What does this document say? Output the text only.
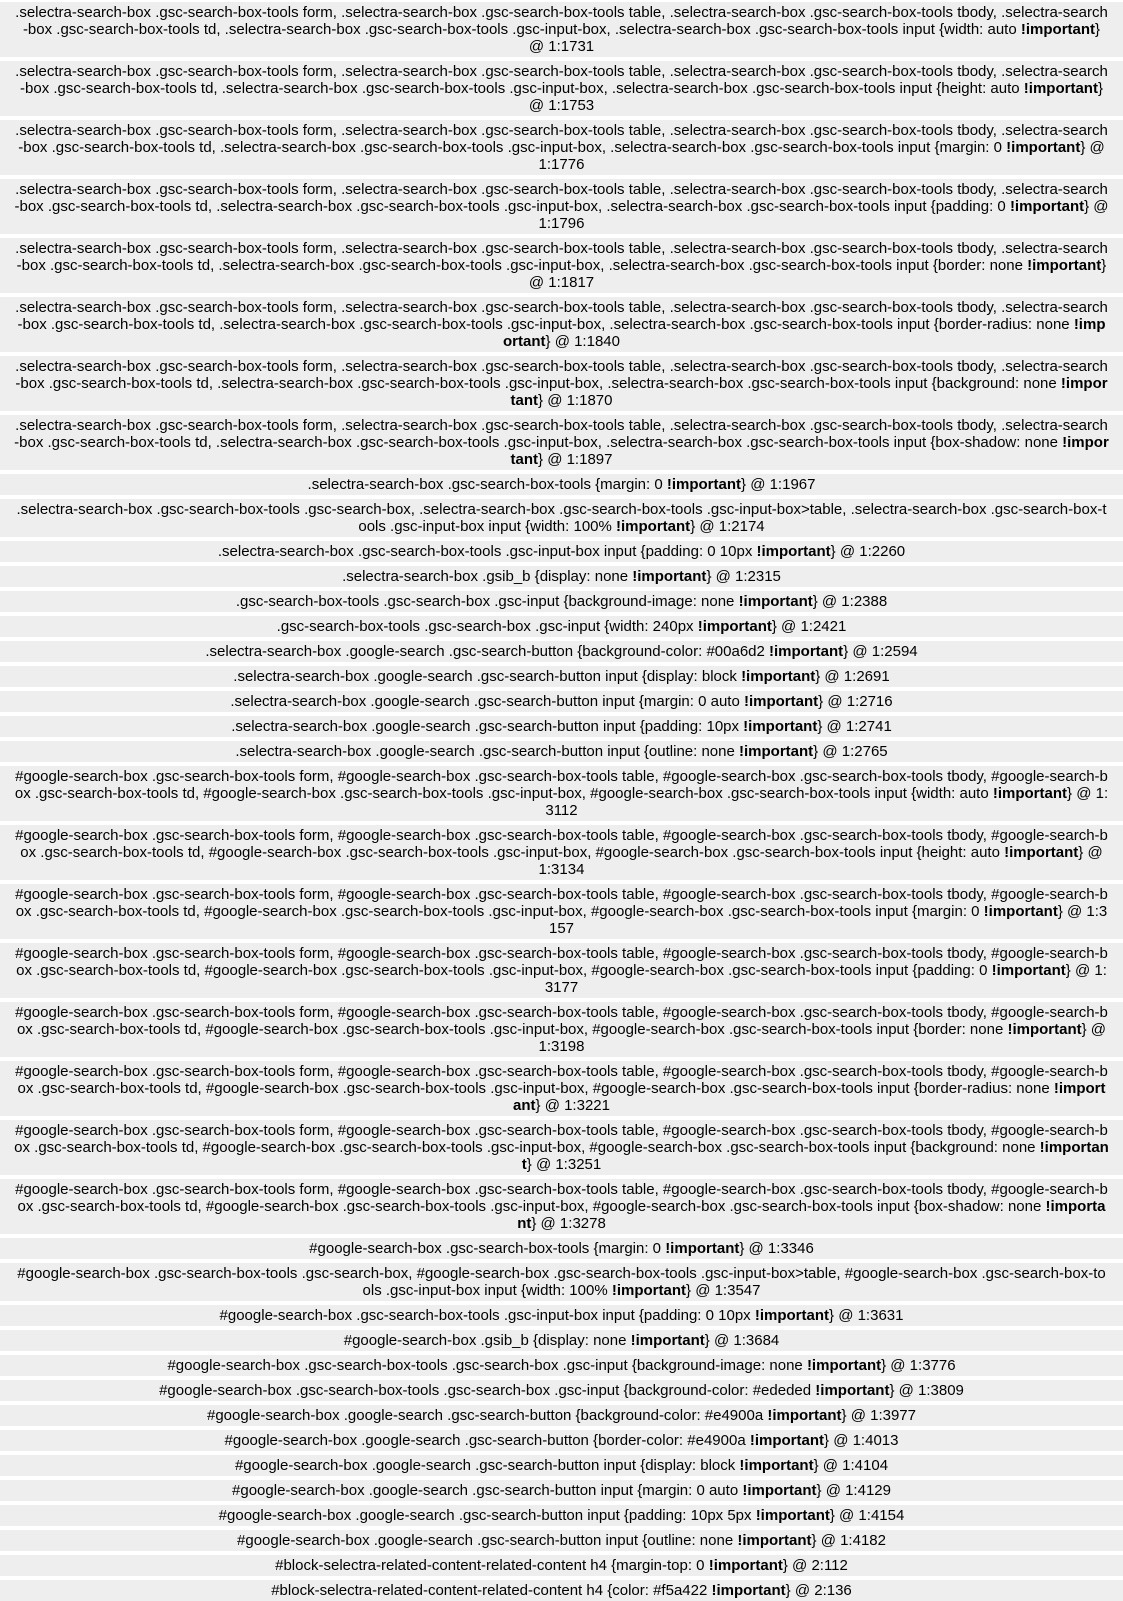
.selectra-search-box .gsc-search-box-tools form, .selectra-search-box .gsc-search-box-tools table, .selectra-search-box .gsc-search-box-tools tbody, .selectra-search-box .gsc-search-box-tools td, .selectra-search-box .gsc-search-box-tools .gsc-input-box, .selectra-search-box .gsc-search-box-tools input {width: auto !important} @ 1:1731
.selectra-search-box .gsc-search-box-tools form, .selectra-search-box .gsc-search-box-tools table, .selectra-search-box .gsc-search-box-tools tbody, .selectra-search-box .gsc-search-box-tools td, .selectra-search-box .gsc-search-box-tools .gsc-input-box, .selectra-search-box .gsc-search-box-tools input {height: auto !important} @ 1:1753
.selectra-search-box .gsc-search-box-tools form, .selectra-search-box .gsc-search-box-tools table, .selectra-search-box .gsc-search-box-tools tbody, .selectra-search-box .gsc-search-box-tools td, .selectra-search-box .gsc-search-box-tools .gsc-input-box, .selectra-search-box .gsc-search-box-tools input {margin: 0 !important} @ 1:1776
.selectra-search-box .gsc-search-box-tools form, .selectra-search-box .gsc-search-box-tools table, .selectra-search-box .gsc-search-box-tools tbody, .selectra-search-box .gsc-search-box-tools td, .selectra-search-box .gsc-search-box-tools .gsc-input-box, .selectra-search-box .gsc-search-box-tools input {padding: 0 !important} @ 1:1796
.selectra-search-box .gsc-search-box-tools form, .selectra-search-box .gsc-search-box-tools table, .selectra-search-box .gsc-search-box-tools tbody, .selectra-search-box .gsc-search-box-tools td, .selectra-search-box .gsc-search-box-tools .gsc-input-box, .selectra-search-box .gsc-search-box-tools input {border: none !important} @ 1:1817
.selectra-search-box .gsc-search-box-tools form, .selectra-search-box .gsc-search-box-tools table, .selectra-search-box .gsc-search-box-tools tbody, .selectra-search-box .gsc-search-box-tools td, .selectra-search-box .gsc-search-box-tools .gsc-input-box, .selectra-search-box .gsc-search-box-tools input {border-radius: none !important} @ 1:1840
.selectra-search-box .gsc-search-box-tools form, .selectra-search-box .gsc-search-box-tools table, .selectra-search-box .gsc-search-box-tools tbody, .selectra-search-box .gsc-search-box-tools td, .selectra-search-box .gsc-search-box-tools .gsc-input-box, .selectra-search-box .gsc-search-box-tools input {background: none !important} @ 1:1870
.selectra-search-box .gsc-search-box-tools form, .selectra-search-box .gsc-search-box-tools table, .selectra-search-box .gsc-search-box-tools tbody, .selectra-search-box .gsc-search-box-tools td, .selectra-search-box .gsc-search-box-tools .gsc-input-box, .selectra-search-box .gsc-search-box-tools input {box-shadow: none !important} @ 1:1897
.selectra-search-box .gsc-search-box-tools {margin: 0 !important} @ 1:1967
.selectra-search-box .gsc-search-box-tools .gsc-search-box, .selectra-search-box .gsc-search-box-tools .gsc-input-box>table, .selectra-search-box .gsc-search-box-tools .gsc-input-box input {width: 100% !important} @ 1:2174
.selectra-search-box .gsc-search-box-tools .gsc-input-box input {padding: 0 10px !important} @ 1:2260
.selectra-search-box .gsib_b {display: none !important} @ 1:2315
.gsc-search-box-tools .gsc-search-box .gsc-input {background-image: none !important} @ 1:2388
.gsc-search-box-tools .gsc-search-box .gsc-input {width: 240px !important} @ 1:2421
.selectra-search-box .google-search .gsc-search-button {background-color: #00a6d2 !important} @ 1:2594
.selectra-search-box .google-search .gsc-search-button input {display: block !important} @ 1:2691
.selectra-search-box .google-search .gsc-search-button input {margin: 0 auto !important} @ 1:2716
.selectra-search-box .google-search .gsc-search-button input {padding: 10px !important} @ 1:2741
.selectra-search-box .google-search .gsc-search-button input {outline: none !important} @ 1:2765
#google-search-box .gsc-search-box-tools form, #google-search-box .gsc-search-box-tools table, #google-search-box .gsc-search-box-tools tbody, #google-search-box .gsc-search-box-tools td, #google-search-box .gsc-search-box-tools .gsc-input-box, #google-search-box .gsc-search-box-tools input {width: auto !important} @ 1:3112
#google-search-box .gsc-search-box-tools form, #google-search-box .gsc-search-box-tools table, #google-search-box .gsc-search-box-tools tbody, #google-search-box .gsc-search-box-tools td, #google-search-box .gsc-search-box-tools .gsc-input-box, #google-search-box .gsc-search-box-tools input {height: auto !important} @ 1:3134
#google-search-box .gsc-search-box-tools form, #google-search-box .gsc-search-box-tools table, #google-search-box .gsc-search-box-tools tbody, #google-search-box .gsc-search-box-tools td, #google-search-box .gsc-search-box-tools .gsc-input-box, #google-search-box .gsc-search-box-tools input {margin: 0 !important} @ 1:3157
#google-search-box .gsc-search-box-tools form, #google-search-box .gsc-search-box-tools table, #google-search-box .gsc-search-box-tools tbody, #google-search-box .gsc-search-box-tools td, #google-search-box .gsc-search-box-tools .gsc-input-box, #google-search-box .gsc-search-box-tools input {padding: 0 !important} @ 1:3177
#google-search-box .gsc-search-box-tools form, #google-search-box .gsc-search-box-tools table, #google-search-box .gsc-search-box-tools tbody, #google-search-box .gsc-search-box-tools td, #google-search-box .gsc-search-box-tools .gsc-input-box, #google-search-box .gsc-search-box-tools input {border: none !important} @ 1:3198
#google-search-box .gsc-search-box-tools form, #google-search-box .gsc-search-box-tools table, #google-search-box .gsc-search-box-tools tbody, #google-search-box .gsc-search-box-tools td, #google-search-box .gsc-search-box-tools .gsc-input-box, #google-search-box .gsc-search-box-tools input {border-radius: none !important} @ 1:3221
#google-search-box .gsc-search-box-tools form, #google-search-box .gsc-search-box-tools table, #google-search-box .gsc-search-box-tools tbody, #google-search-box .gsc-search-box-tools td, #google-search-box .gsc-search-box-tools .gsc-input-box, #google-search-box .gsc-search-box-tools input {background: none !important} @ 1:3251
#google-search-box .gsc-search-box-tools form, #google-search-box .gsc-search-box-tools table, #google-search-box .gsc-search-box-tools tbody, #google-search-box .gsc-search-box-tools td, #google-search-box .gsc-search-box-tools .gsc-input-box, #google-search-box .gsc-search-box-tools input {box-shadow: none !important} @ 1:3278
#google-search-box .gsc-search-box-tools {margin: 0 !important} @ 1:3346
#google-search-box .gsc-search-box-tools .gsc-search-box, #google-search-box .gsc-search-box-tools .gsc-input-box>table, #google-search-box .gsc-search-box-tools .gsc-input-box input {width: 100% !important} @ 1:3547
#google-search-box .gsc-search-box-tools .gsc-input-box input {padding: 0 10px !important} @ 1:3631
#google-search-box .gsib_b {display: none !important} @ 1:3684
#google-search-box .gsc-search-box-tools .gsc-search-box .gsc-input {background-image: none !important} @ 1:3776
#google-search-box .gsc-search-box-tools .gsc-search-box .gsc-input {background-color: #ededed !important} @ 1:3809
#google-search-box .google-search .gsc-search-button {background-color: #e4900a !important} @ 1:3977
#google-search-box .google-search .gsc-search-button {border-color: #e4900a !important} @ 1:4013
#google-search-box .google-search .gsc-search-button input {display: block !important} @ 1:4104
#google-search-box .google-search .gsc-search-button input {margin: 0 auto !important} @ 1:4129
#google-search-box .google-search .gsc-search-button input {padding: 10px 5px !important} @ 1:4154
#google-search-box .google-search .gsc-search-button input {outline: none !important} @ 1:4182
#block-selectra-related-content-related-content h4 {margin-top: 0 !important} @ 2:112
#block-selectra-related-content-related-content h4 {color: #f5a422 !important} @ 2:136
